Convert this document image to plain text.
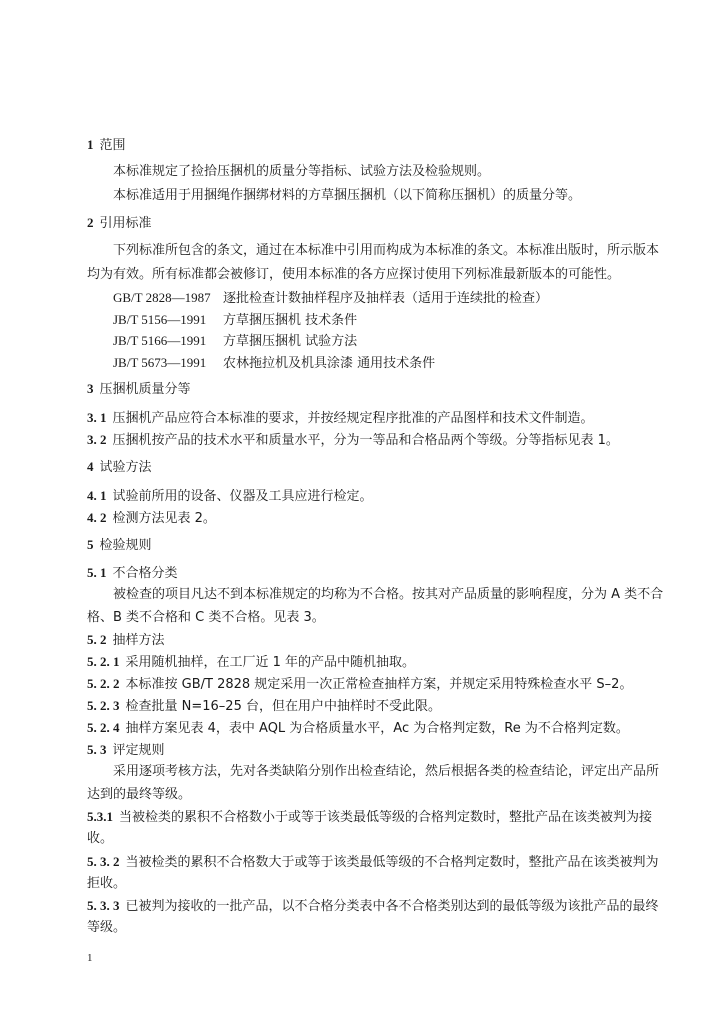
1 范围
本标准规定了捡拾压捆机的质量分等指标、试验方法及检验规则。
本标准适用于用捆绳作捆绑材料的方草捆压捆机（以下简称压捆机）的质量分等。
2 引用标准
下列标准所包含的条文，通过在本标准中引用而构成为本标准的条文。本标准出版时，所示版本
均为有效。所有标准都会被修订，使用本标准的各方应探讨使用下列标准最新版本的可能性。
GB/T 2828—1987 逐批检查计数抽样程序及抽样表（适用于连续批的检查）
JB/T 5156—1991 方草捆压捆机 技术条件
JB/T 5166—1991 方草捆压捆机 试验方法
JB/T 5673—1991 农林拖拉机及机具涂漆 通用技术条件
3 压捆机质量分等
3. 1 压捆机产品应符合本标准的要求，并按经规定程序批准的产品图样和技术文件制造。
3. 2 压捆机按产品的技术水平和质量水平，分为一等品和合格品两个等级。分等指标见表 1。
4 试验方法
4. 1 试验前所用的设备、仪器及工具应进行检定。
4. 2 检测方法见表 2。
5 检验规则
5. 1 不合格分类
被检查的项目凡达不到本标准规定的均称为不合格。按其对产品质量的影响程度，分为 A 类不合
格、B 类不合格和 C 类不合格。见表 3。
5. 2 抽样方法
5. 2. 1 采用随机抽样，在工厂近 1 年的产品中随机抽取。
5. 2. 2 本标准按 GB/T 2828 规定采用一次正常检查抽样方案，并规定采用特殊检查水平 S–2。
5. 2. 3 检查批量 N=16–25 台，但在用户中抽样时不受此限。
5. 2. 4 抽样方案见表 4，表中 AQL 为合格质量水平，Ac 为合格判定数，Re 为不合格判定数。
5. 3 评定规则
采用逐项考核方法，先对各类缺陷分别作出检查结论，然后根据各类的检查结论，评定出产品所
达到的最终等级。
5.3.1 当被检类的累积不合格数小于或等于该类最低等级的合格判定数时，整批产品在该类被判为接
收。
5. 3. 2 当被检类的累积不合格数大于或等于该类最低等级的不合格判定数时，整批产品在该类被判为
拒收。
5. 3. 3 已被判为接收的一批产品，以不合格分类表中各不合格类别达到的最低等级为该批产品的最终
等级。
1
